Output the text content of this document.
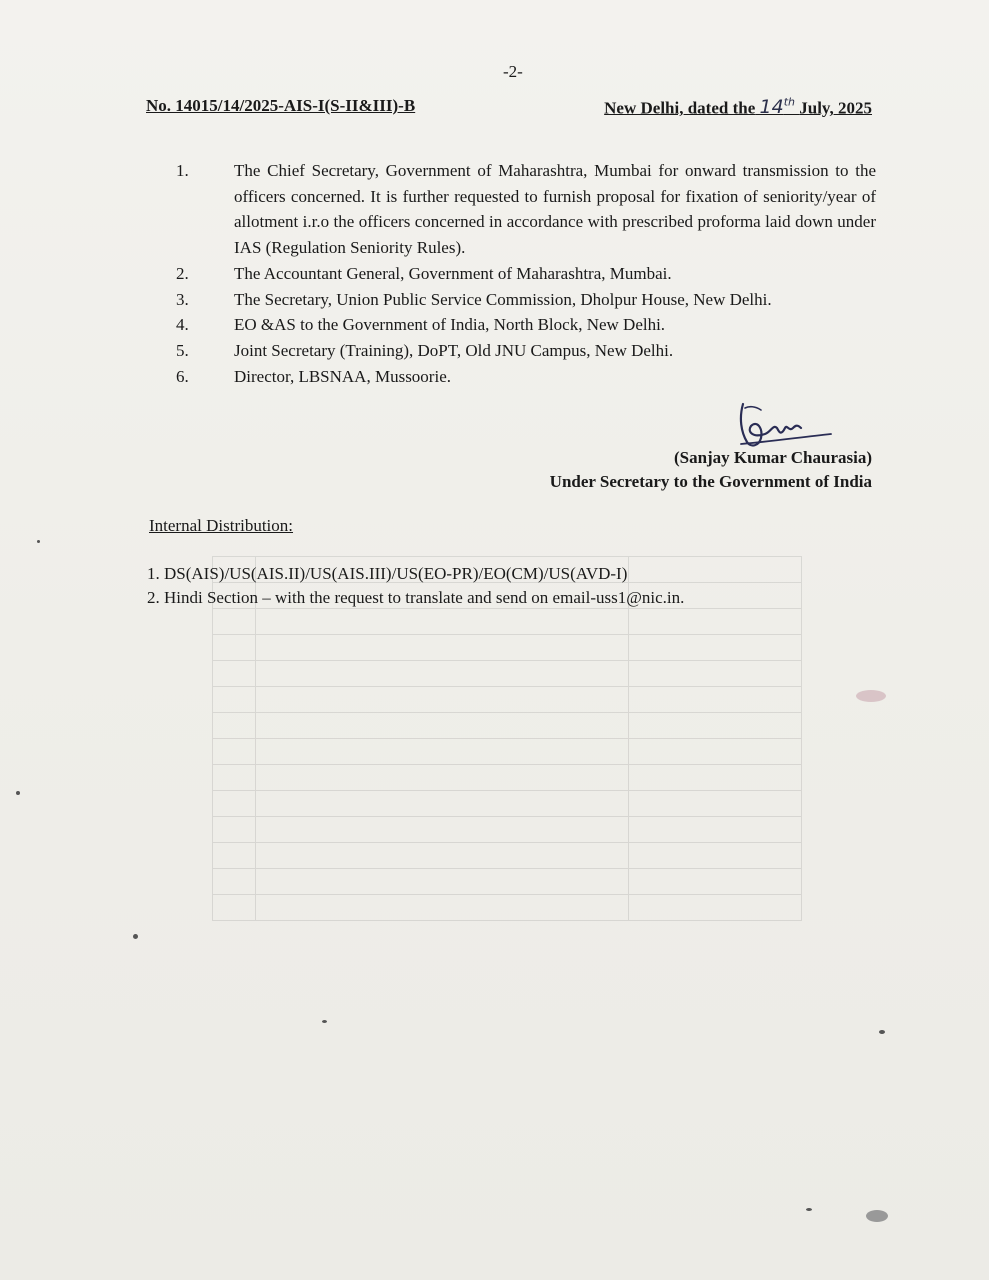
-2-
No. 14015/14/2025-AIS-I(S-II&III)-B	New Delhi, dated the 14th July, 2025
1.	The Chief Secretary, Government of Maharashtra, Mumbai for onward transmission to the officers concerned. It is further requested to furnish proposal for fixation of seniority/year of allotment i.r.o the officers concerned in accordance with prescribed proforma laid down under IAS (Regulation Seniority Rules).
2.	The Accountant General, Government of Maharashtra, Mumbai.
3.	The Secretary, Union Public Service Commission, Dholpur House, New Delhi.
4.	EO &AS to the Government of India, North Block, New Delhi.
5.	Joint Secretary (Training), DoPT, Old JNU Campus, New Delhi.
6.	Director, LBSNAA, Mussoorie.
(Sanjay Kumar Chaurasia)
Under Secretary to the Government of India
Internal Distribution:
1. DS(AIS)/US(AIS.II)/US(AIS.III)/US(EO-PR)/EO(CM)/US(AVD-I)
2. Hindi Section – with the request to translate and send on email-uss1@nic.in.
